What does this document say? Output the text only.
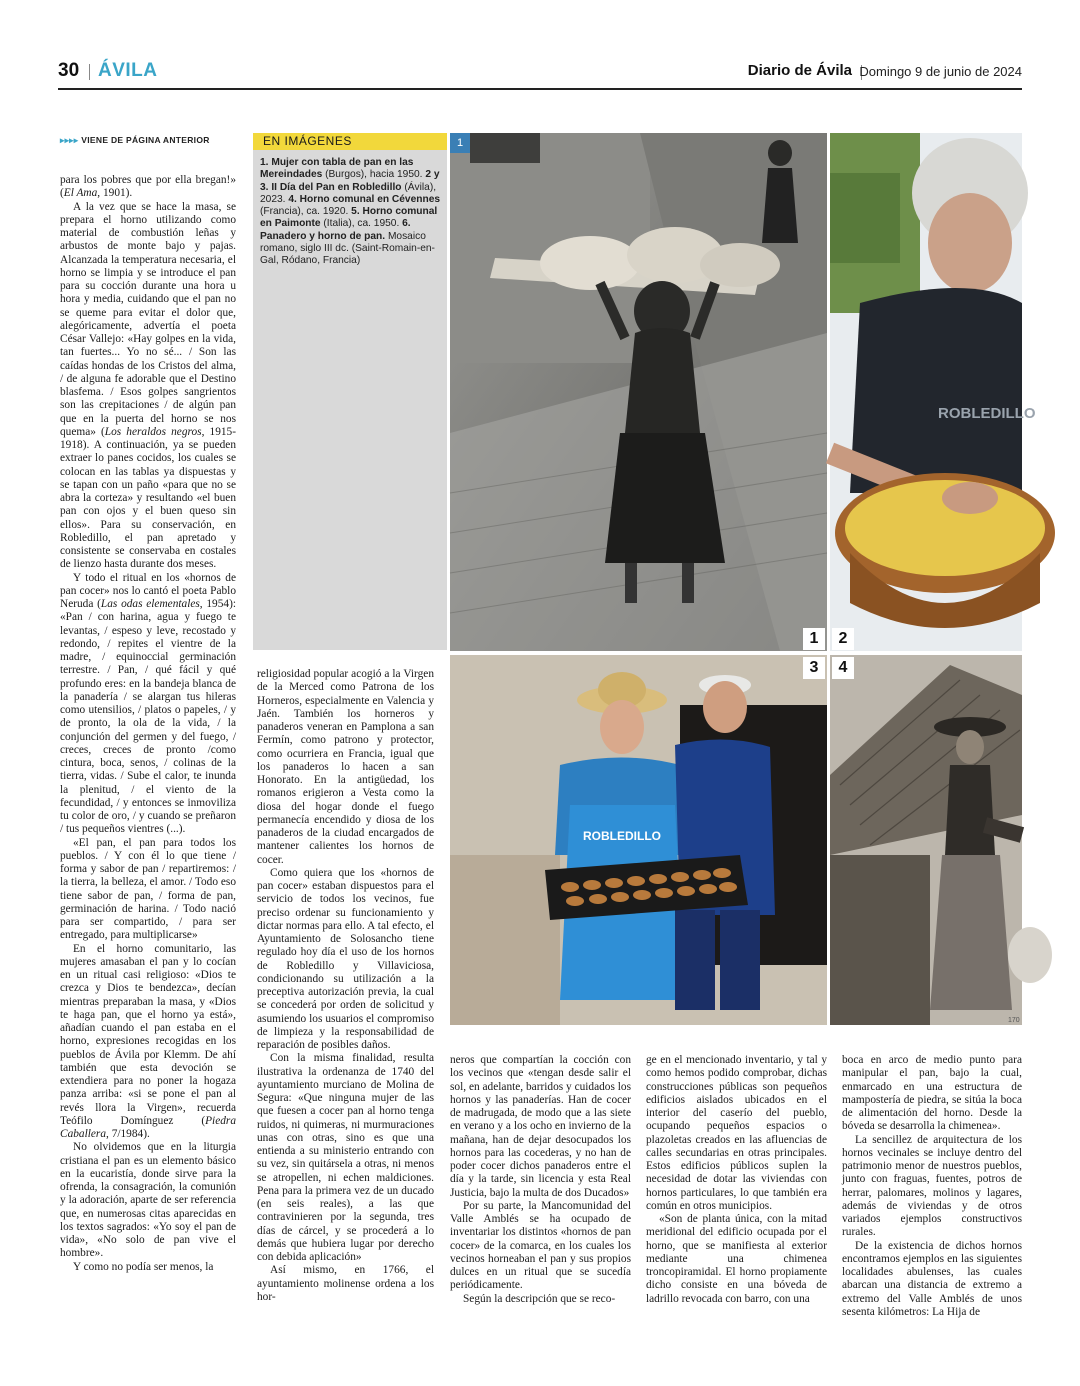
30 ÁVILA	Diario de Ávila Domingo 9 de junio de 2024
▸▸▸▸ VIENE DE PÁGINA ANTERIOR

para los pobres que por ella bregan!» (El Ama, 1901).

A la vez que se hace la masa, se prepara el horno utilizando como material de combustión leñas y arbustos de monte bajo y pajas. Alcanzada la temperatura necesaria, el horno se limpia y se introduce el pan para su cocción durante una hora u hora y media, cuidando que el pan no se queme para evitar el dolor que, alegóricamente, advertía el poeta César Vallejo: «Hay golpes en la vida, tan fuertes... Yo no sé... / Son las caídas hondas de los Cristos del alma, / de alguna fe adorable que el Destino blasfema. / Esos golpes sangrientos son las crepitaciones / de algún pan que en la puerta del horno se nos quema» (Los heraldos negros, 1915-1918). A continuación, ya se pueden extraer lo panes cocidos, los cuales se colocan en las tablas ya dispuestas y se tapan con un paño «para que no se abra la corteza» y resultando «el buen pan con ojos y el buen queso sin ellos». Para su conservación, en Robledillo, el pan apretado y consistente se conservaba en costales de lienzo hasta durante dos meses.

Y todo el ritual en los «hornos de pan cocer» nos lo cantó el poeta Pablo Neruda (Las odas elementales, 1954): «Pan / con harina, agua y fuego te levantas, / espeso y leve, recostado y redondo, / repites el vientre de la madre, / equinoccial germinación terrestre. / Pan, / qué fácil y qué profundo eres: en la bandeja blanca de la panadería / se alargan tus hileras como utensilios, / platos o papeles, / y de pronto, la ola de la vida, / la conjunción del germen y del fuego, / creces, creces de pronto /como cintura, boca, senos, / colinas de la tierra, vidas. / Sube el calor, te inunda la plenitud, / el viento de la fecundidad, / y entonces se inmoviliza tu color de oro, / y cuando se preñaron / tus pequeños vientres (...).

«El pan, el pan para todos los pueblos. / Y con él lo que tiene / forma y sabor de pan / repartiremos: / la tierra, la belleza, el amor. / Todo eso tiene sabor de pan, / forma de pan, germinación de harina. / Todo nació para ser compartido, / para ser entregado, para multiplicarse»

En el horno comunitario, las mujeres amasaban el pan y lo cocían en un ritual casi religioso: «Dios te crezca y Dios te bendezca», decían mientras preparaban la masa, y «Dios te haga pan, que el horno ya está», añadían cuando el pan estaba en el horno, expresiones recogidas en los pueblos de Ávila por Klemm. De ahí también que esta devoción se extendiera para no poner la hogaza panza arriba: «si se pone el pan al revés llora la Virgen», recuerda Teófilo Domínguez (Piedra Caballera, 7/1984).

No olvidemos que en la liturgia cristiana el pan es un elemento básico en la eucaristía, donde sirve para la ofrenda, la consagración, la comunión y la adoración, aparte de ser referencia que, en numerosas citas aparecidas en los textos sagrados: «Yo soy el pan de vida», «No solo de pan vive el hombre».

Y como no podía ser menos, la

EN IMÁGENES
1. Mujer con tabla de pan en las Mereindades (Burgos), hacia 1950. 2 y 3. II Día del Pan en Robledillo (Ávila), 2023. 4. Horno comunal en Cévennes (Francia), ca. 1920. 5. Horno comunal en Paimonte (Italia), ca. 1950. 6. Panadero y horno de pan. Mosaico romano, siglo III dc. (Saint-Romain-en-Gal, Ródano, Francia)
1
ROBLEDILLO
ROBLEDILLO
170
1	2
3	4

religiosidad popular acogió a la Virgen de la Merced como Patrona de los Horneros, especialmente en Valencia y Jaén. También los horneros y panaderos veneran en Pamplona a san Fermín, como patrono y protector, como ocurriera en Francia, igual que los panaderos lo hacen a san Honorato. En la antigüedad, los romanos erigieron a Vesta como la diosa del hogar donde el fuego permanecía encendido y diosa de los panaderos de la ciudad encargados de mantener calientes los hornos de cocer.

Como quiera que los «hornos de pan cocer» estaban dispuestos para el servicio de todos los vecinos, fue preciso ordenar su funcionamiento y dictar normas para ello. A tal efecto, el Ayuntamiento de Solosancho tiene regulado hoy día el uso de los hornos de Robledillo y Villaviciosa, condicionando su utilización a la preceptiva autorización previa, la cual se concederá por orden de solicitud y asumiendo los usuarios el compromiso de limpieza y la responsabilidad de reparación de posibles daños.

Con la misma finalidad, resulta ilustrativa la ordenanza de 1740 del ayuntamiento murciano de Molina de Segura: «Que ninguna mujer de las que fuesen a cocer pan al horno tenga ruidos, ni quimeras, ni murmuraciones unas con otras, sino es que una entienda a su ministerio entrando con su vez, sin quitársela a otras, ni menos se atropellen, ni echen maldiciones. Pena para la primera vez de un ducado (en seis reales), a las que contravinieren por la segunda, tres días de cárcel, y se procederá a lo demás que hubiera lugar por derecho con debida aplicación»

Así mismo, en 1766, el ayuntamiento molinense ordena a los hor-

neros que compartían la cocción con los vecinos que «tengan desde salir el sol, en adelante, barridos y cuidados los hornos y las panaderías. Han de cocer de madrugada, de modo que a las siete en verano y a los ocho en invierno de la mañana, han de dejar desocupados los hornos para las cocederas, y no han de poder cocer dichos panaderos entre el día y la tarde, sin licencia y esta Real Justicia, bajo la multa de dos Ducados»

Por su parte, la Mancomunidad del Valle Amblés se ha ocupado de inventariar los distintos «hornos de pan cocer» de la comarca, en los cuales los vecinos horneaban el pan y sus propios dulces en un ritual que se sucedía periódicamente.

Según la descripción que se reco-

ge en el mencionado inventario, y tal y como hemos podido comprobar, dichas construcciones públicas son pequeños edificios aislados ubicados en el interior del caserío del pueblo, ocupando pequeños espacios o plazoletas creados en las afluencias de calles secundarias en otras principales. Estos edificios públicos suplen la necesidad de dotar las viviendas con hornos particulares, lo que también era común en otros municipios.

«Son de planta única, con la mitad meridional del edificio ocupada por el horno, que se manifiesta al exterior mediante una chimenea troncopiramidal. El horno propiamente dicho consiste en una bóveda de ladrillo revocada con barro, con una

boca en arco de medio punto para manipular el pan, bajo la cual, enmarcado en una estructura de mampostería de piedra, se sitúa la boca de alimentación del horno. Desde la bóveda se desarrolla la chimenea».

La sencillez de arquitectura de los hornos vecinales se incluye dentro del patrimonio menor de nuestros pueblos, junto con fraguas, fuentes, potros de herrar, palomares, molinos y lagares, además de viviendas y de otros variados ejemplos constructivos rurales.

De la existencia de dichos hornos encontramos ejemplos en las siguientes localidades abulenses, las cuales abarcan una distancia de extremo a extremo del Valle Amblés de unos sesenta kilómetros: La Hija de
